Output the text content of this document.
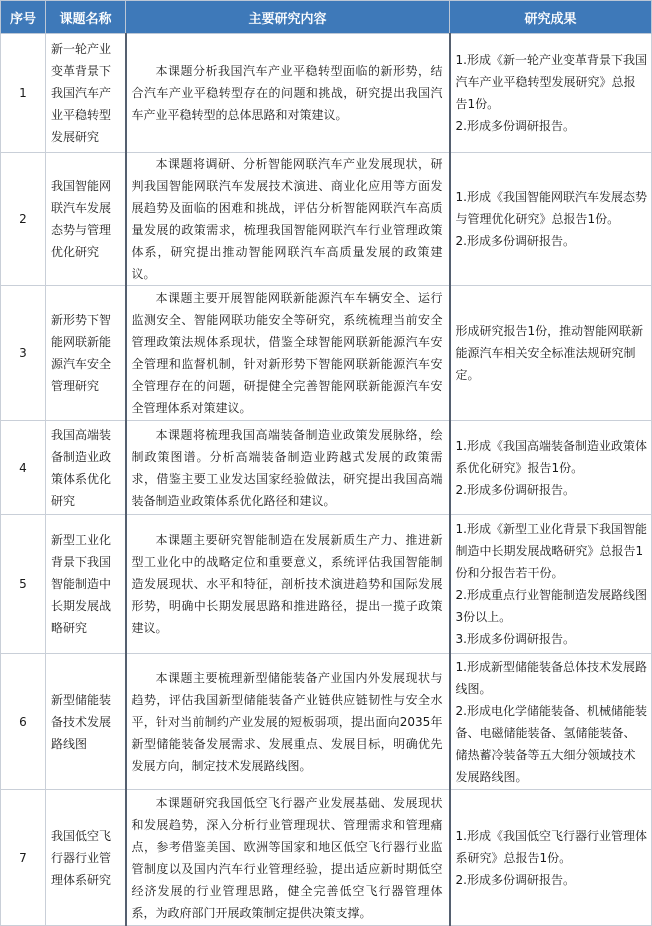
序号	课题名称	主要研究内容	研究成果
1	新一轮产业变革背景下我国汽车产业平稳转型发展研究	本课题分析我国汽车产业平稳转型面临的新形势，结合汽车产业平稳转型存在的问题和挑战，研究提出我国汽车产业平稳转型的总体思路和对策建议。	1.形成《新一轮产业变革背景下我国汽车产业平稳转型发展研究》总报告1份。
2.形成多份调研报告。

2	我国智能网联汽车发展态势与管理优化研究	本课题将调研、分析智能网联汽车产业发展现状，研判我国智能网联汽车发展技术演进、商业化应用等方面发展趋势及面临的困难和挑战，评估分析智能网联汽车高质量发展的政策需求，梳理我国智能网联汽车行业管理政策体系，研究提出推动智能网联汽车高质量发展的政策建议。	1.形成《我国智能网联汽车发展态势与管理优化研究》总报告1份。
2.形成多份调研报告。

3	新形势下智能网联新能源汽车安全管理研究	本课题主要开展智能网联新能源汽车车辆安全、运行监测安全、智能网联功能安全等研究，系统梳理当前安全管理政策法规体系现状，借鉴全球智能网联新能源汽车安全管理和监督机制，针对新形势下智能网联新能源汽车安全管理存在的问题，研提健全完善智能网联新能源汽车安全管理体系对策建议。	形成研究报告1份，推动智能网联新能源汽车相关安全标准法规研究制定。

4	我国高端装备制造业政策体系优化研究	本课题将梳理我国高端装备制造业政策发展脉络，绘制政策图谱。分析高端装备制造业跨越式发展的政策需求，借鉴主要工业发达国家经验做法，研究提出我国高端装备制造业政策体系优化路径和建议。	1.形成《我国高端装备制造业政策体系优化研究》报告1份。
2.形成多份调研报告。

5	新型工业化背景下我国智能制造中长期发展战略研究	本课题主要研究智能制造在发展新质生产力、推进新型工业化中的战略定位和重要意义，系统评估我国智能制造发展现状、水平和特征，剖析技术演进趋势和国际发展形势，明确中长期发展思路和推进路径，提出一揽子政策建议。	1.形成《新型工业化背景下我国智能制造中长期发展战略研究》总报告1份和分报告若干份。
2.形成重点行业智能制造发展路线图3份以上。
3.形成多份调研报告。

6	新型储能装备技术发展路线图	本课题主要梳理新型储能装备产业国内外发展现状与趋势，评估我国新型储能装备产业链供应链韧性与安全水平，针对当前制约产业发展的短板弱项，提出面向2035年新型储能装备发展需求、发展重点、发展目标，明确优先发展方向，制定技术发展路线图。	1.形成新型储能装备总体技术发展路线图。
2.形成电化学储能装备、机械储能装备、电磁储能装备、氢储能装备、储热蓄冷装备等五大细分领域技术发展路线图。

7	我国低空飞行器行业管理体系研究	本课题研究我国低空飞行器产业发展基础、发展现状和发展趋势，深入分析行业管理现状、管理需求和管理痛点，参考借鉴美国、欧洲等国家和地区低空飞行器行业监管制度以及国内汽车行业管理经验，提出适应新时期低空经济发展的行业管理思路，健全完善低空飞行器管理体系，为政府部门开展政策制定提供决策支撑。	1.形成《我国低空飞行器行业管理体系研究》总报告1份。
2.形成多份调研报告。
